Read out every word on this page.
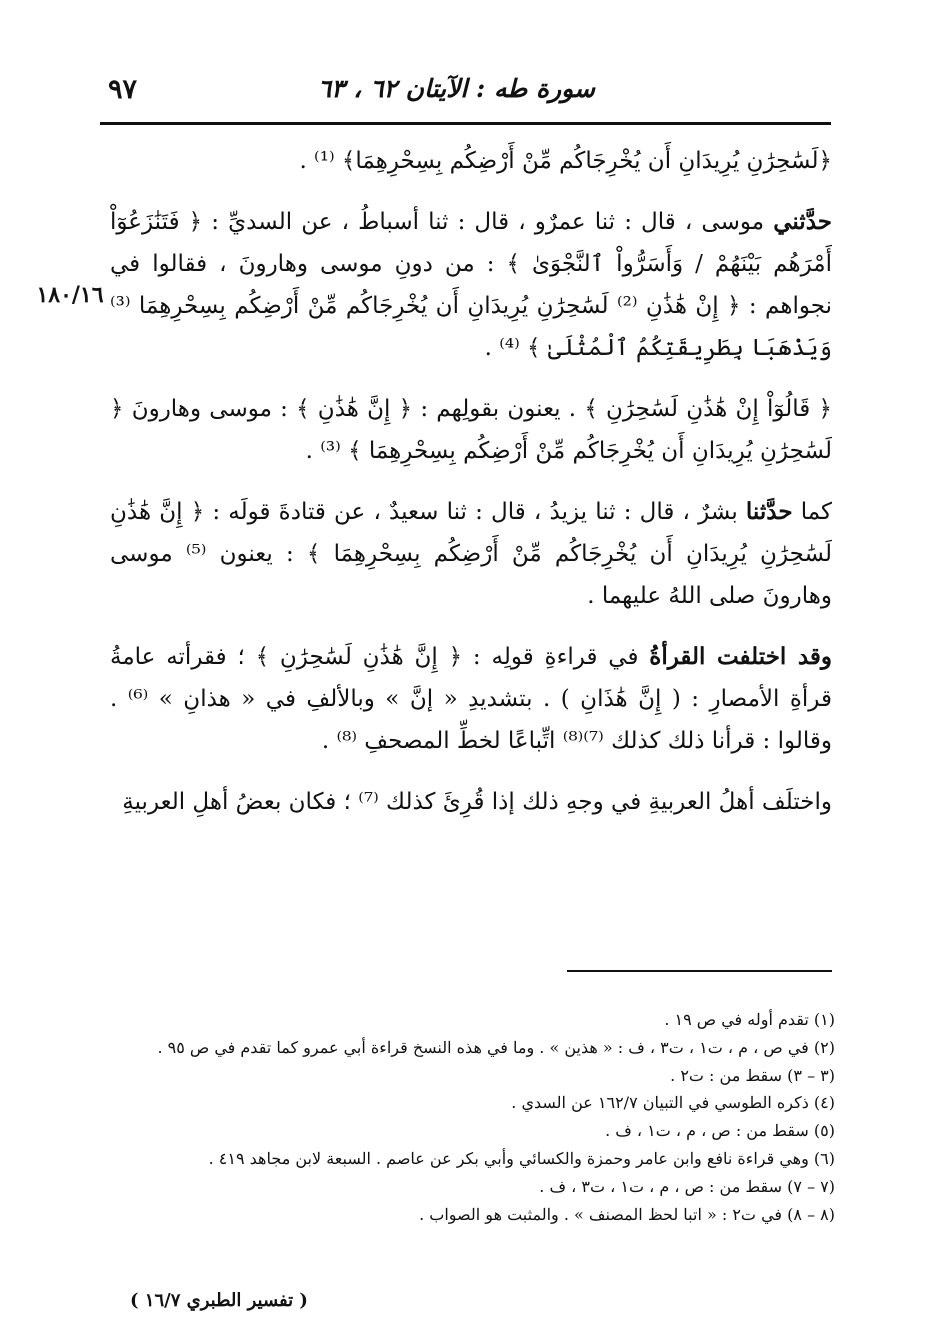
سورة طه : الآيتان ٦٢ ، ٦٣
٩٧
١٨٠/١٦

﴿لَسَٰحِرَٰنِ يُرِيدَانِ أَن يُخْرِجَاكُم مِّنْ أَرْضِكُم بِسِحْرِهِمَا﴾ ⁽¹⁾ .

حدَّثني موسى ، قال : ثنا عمرٌو ، قال : ثنا أسباطُ ، عن السديِّ : ﴿ فَتَنَٰزَعُوٓاْ أَمْرَهُم بَيْنَهُمْ / وَأَسَرُّواْ ٱلنَّجْوَىٰ ﴾ : من دونِ موسى وهارونَ ، فقالوا في نجواهم : ﴿ إِنْ هَٰذَٰنِ ⁽²⁾ لَسَٰحِرَٰنِ يُرِيدَانِ أَن يُخْرِجَاكُم مِّنْ أَرْضِكُم بِسِحْرِهِمَا ⁽³⁾ وَيَذْهَبَا بِطَرِيقَتِكُمُ ٱلْمُثْلَىٰ ﴾ ⁽⁴⁾ .

﴿ قَالُوٓاْ إِنْ هَٰذَٰنِ لَسَٰحِرَٰنِ ﴾ . يعنون بقولِهم : ﴿ إِنَّ هَٰذَٰنِ ﴾ : موسى وهارونَ ﴿ لَسَٰحِرَٰنِ يُرِيدَانِ أَن يُخْرِجَاكُم مِّنْ أَرْضِكُم بِسِحْرِهِمَا ﴾ ⁽³⁾ .

كما حدَّثنا بشرٌ ، قال : ثنا يزيدُ ، قال : ثنا سعيدٌ ، عن قتادةَ قولَه : ﴿ إِنَّ هَٰذَٰنِ لَسَٰحِرَٰنِ يُرِيدَانِ أَن يُخْرِجَاكُم مِّنْ أَرْضِكُم بِسِحْرِهِمَا ﴾ : يعنون ⁽⁵⁾ موسى وهارونَ صلى اللهُ عليهما .

وقد اختلفت القرأةُ في قراءةِ قولِه : ﴿ إِنَّ هَٰذَٰنِ لَسَٰحِرَٰنِ ﴾ ؛ فقرأته عامةُ قرأةِ الأمصارِ : ( إِنَّ هَٰذَانِ ) . بتشديدِ « إنَّ » وبالألفِ في « هذانِ » ⁽⁶⁾ . وقالوا : قرأنا ذلك كذلك ⁽⁷⁾⁽⁸⁾ اتِّباعًا لخطِّ المصحفِ ⁽⁸⁾ .

واختلَف أهلُ العربيةِ في وجهِ ذلك إذا قُرِئَ كذلك ⁽⁷⁾ ؛ فكان بعضُ أهلِ العربيةِ

(١) تقدم أوله في ص ١٩ .
(٢) في ص ، م ، ت١ ، ت٣ ، ف : « هذين » . وما في هذه النسخ قراءة أبي عمرو كما تقدم في ص ٩٥ .
(٣ – ٣) سقط من : ت٢ .
(٤) ذكره الطوسي في التبيان ١٦٢/٧ عن السدي .
(٥) سقط من : ص ، م ، ت١ ، ف .
(٦) وهي قراءة نافع وابن عامر وحمزة والكسائي وأبي بكر عن عاصم . السبعة لابن مجاهد ٤١٩ .
(٧ – ٧) سقط من : ص ، م ، ت١ ، ت٣ ، ف .
(٨ – ٨) في ت٢ : « اتبا لحظ المصنف » . والمثبت هو الصواب .
( تفسير الطبري ١٦/٧ )
